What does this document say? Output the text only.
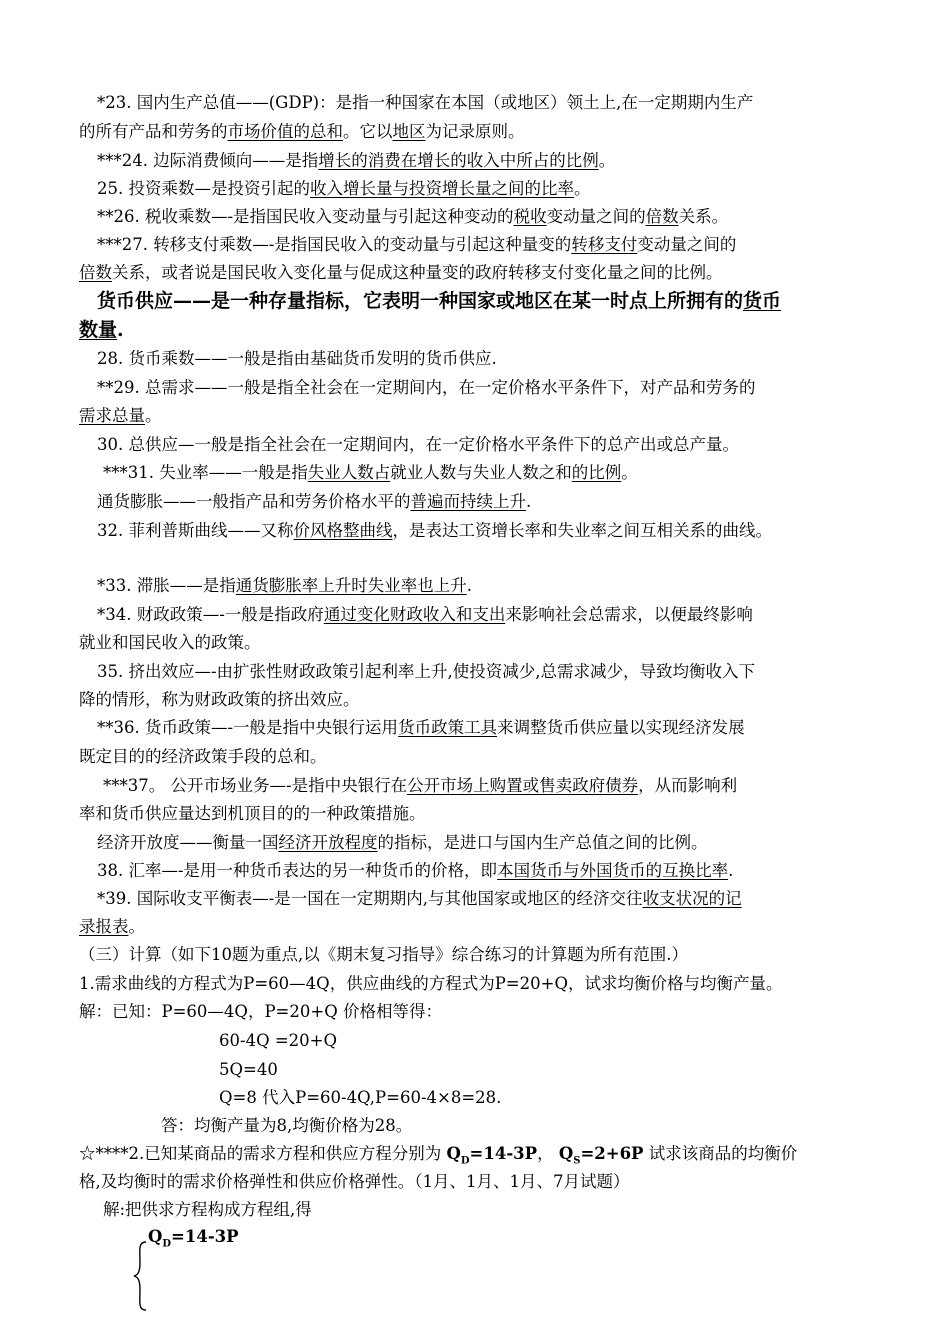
*23. 国内生产总值——(GDP)：是指一种国家在本国（或地区）领土上,在一定期期内生产
的所有产品和劳务的市场价值的总和。它以地区为记录原则。
***24. 边际消费倾向——是指增长的消费在增长的收入中所占的比例。
25. 投资乘数—是投资引起的收入增长量与投资增长量之间的比率。
**26. 税收乘数—-是指国民收入变动量与引起这种变动的税收变动量之间的倍数关系。
***27. 转移支付乘数—-是指国民收入的变动量与引起这种量变的转移支付变动量之间的
倍数关系，或者说是国民收入变化量与促成这种量变的政府转移支付变化量之间的比例。
货币供应——是一种存量指标，它表明一种国家或地区在某一时点上所拥有的货币
数量.
28. 货币乘数——一般是指由基础货币发明的货币供应.
**29. 总需求——一般是指全社会在一定期间内，在一定价格水平条件下，对产品和劳务的
需求总量。
30. 总供应—一般是指全社会在一定期间内，在一定价格水平条件下的总产出或总产量。
***31. 失业率——一般是指失业人数占就业人数与失业人数之和的比例。
通货膨胀——一般指产品和劳务价格水平的普遍而持续上升.
32. 菲利普斯曲线——又称价风格整曲线，是表达工资增长率和失业率之间互相关系的曲线。
*33. 滞胀——是指通货膨胀率上升时失业率也上升.
*34. 财政政策—-一般是指政府通过变化财政收入和支出来影响社会总需求，以便最终影响
就业和国民收入的政策。
35. 挤出效应—-由扩张性财政政策引起利率上升,使投资减少,总需求减少，导致均衡收入下
降的情形，称为财政政策的挤出效应。
**36. 货币政策—-一般是指中央银行运用货币政策工具来调整货币供应量以实现经济发展
既定目的的经济政策手段的总和。
***37。 公开市场业务—-是指中央银行在公开市场上购置或售卖政府债券，从而影响利
率和货币供应量达到机顶目的的一种政策措施。
经济开放度——衡量一国经济开放程度的指标，是进口与国内生产总值之间的比例。
38. 汇率—-是用一种货币表达的另一种货币的价格，即本国货币与外国货币的互换比率.
*39. 国际收支平衡表—-是一国在一定期期内,与其他国家或地区的经济交往收支状况的记
录报表。
（三）计算（如下10题为重点,以《期末复习指导》综合练习的计算题为所有范围.）
1.需求曲线的方程式为P=60—4Q，供应曲线的方程式为P=20+Q，试求均衡价格与均衡产量。
解：已知：P=60—4Q，P=20+Q 价格相等得：
60-4Q =20+Q
5Q=40
Q=8 代入P=60-4Q,P=60-4×8=28.
答：均衡产量为8,均衡价格为28。
☆****2.已知某商品的需求方程和供应方程分别为 $Q_D=14-3P$， $Q_S=2+6P$ 试求该商品的均衡价
格,及均衡时的需求价格弹性和供应价格弹性。（1月、1月、1月、7月试题）
解:把供求方程构成方程组,得
$Q_D=14-3P$
